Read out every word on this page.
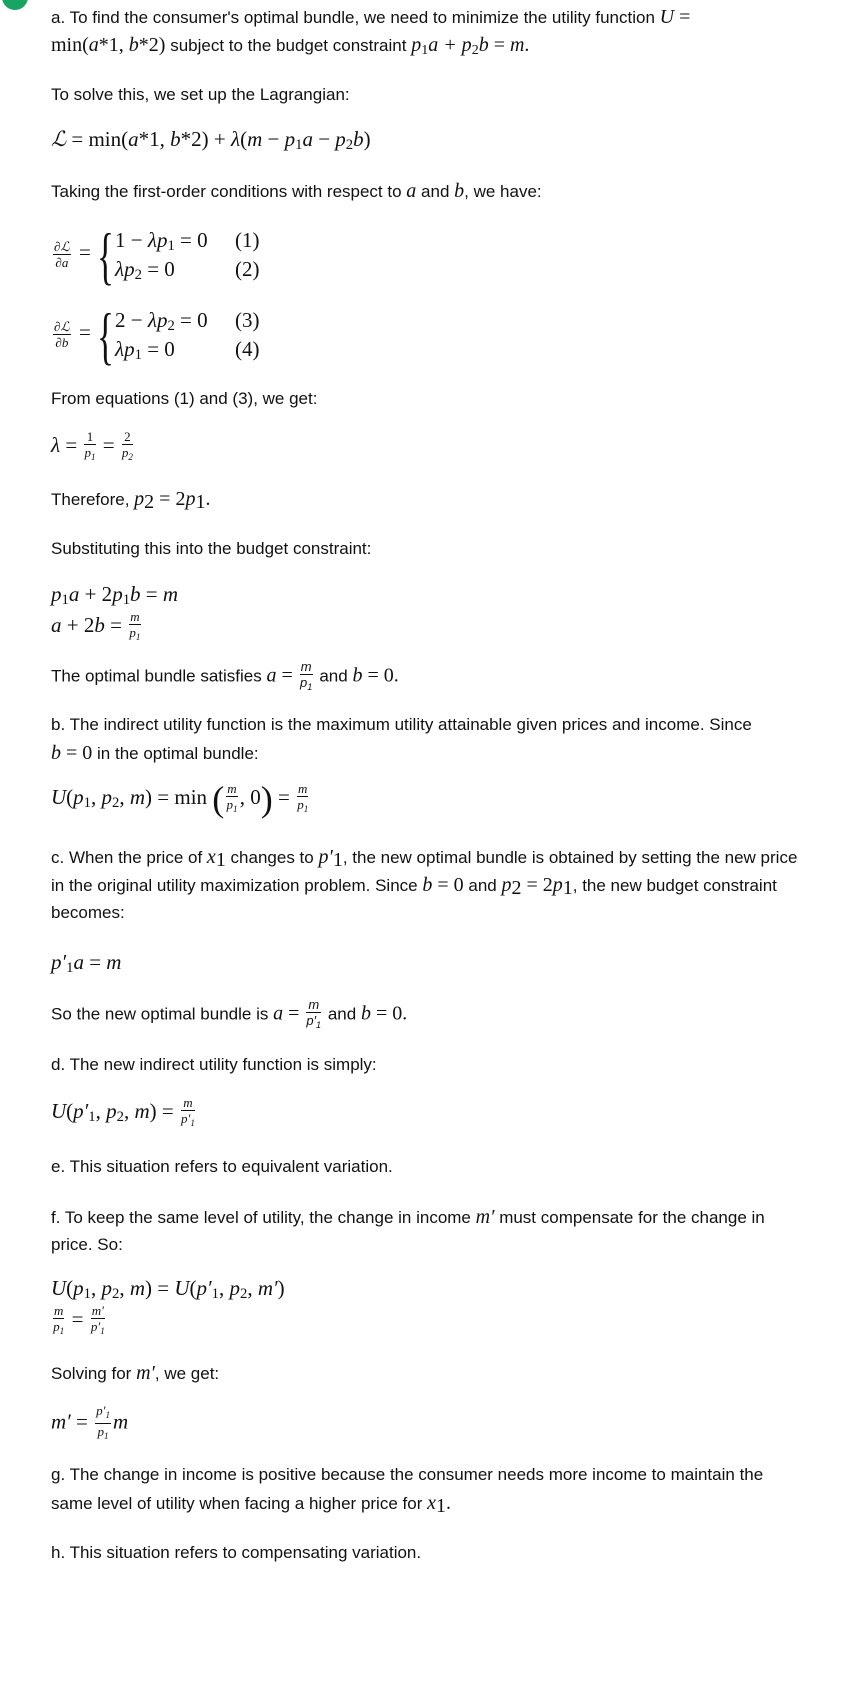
a. To find the consumer's optimal bundle, we need to minimize the utility function U =
min(a*1, b*2) subject to the budget constraint $p_1a + p_2b = m$.
To solve this, we set up the Lagrangian:
ℒ = min(a*1, $b*2) + \lambda(m - p_1a - p_2b)$
Taking the first-order conditions with respect to a and b, we have:
∂ℒ
∂a = { $1 - \lambda p_1 = 0$ (1)
$\lambda p_2 = 0$	(2)
∂ℒ
∂b = { $2 - \lambda p_2 = 0$ (3)
$\lambda p_1 = 0$	(4)
From equations (1) and (3), we get:
$\lambda = \frac{1}{p_1} = \frac{2}{p_2}$
Therefore, $p_2 = 2p_1$.
Substituting this into the budget constraint:
$p_1a + 2p_1b = m$
$a + 2b = \frac{m}{p_1}$
The optimal bundle satisfies $a = \frac{m}{p_1}$ and b = 0.
b. The indirect utility function is the maximum utility attainable given prices and income. Since
b = 0 in the optimal bundle:
$U(p_1$, $p_2$, m) = min ( $\frac{m}{p_1}$ , $0) = \frac{m}{p_1}$
c. When the price of $x_1$ changes to $p'_1$, the new optimal bundle is obtained by setting the new price
in the original utility maximization problem. Since b = 0 and $p_2 = 2p_1$, the new budget constraint
becomes:
$p'_1a = m$
So the new optimal bundle is $a = \frac{m}{p'_1}$ and b = 0.
d. The new indirect utility function is simply:
$U(p'_1$, $p_2$, $m) = \frac{m}{p'_1}$
e. This situation refers to equivalent variation.
f. To keep the same level of utility, the change in income m′ must compensate for the change in
price. So:
$U(p_1$, $p_2$, $m) = U(p'_1$, $p_2$, m′)
$\frac{m}{p_1} = \frac{m'}{p'_1}$
Solving for m′, we get:
$m' = \frac{p'_1}{p_1}$ m
g. The change in income is positive because the consumer needs more income to maintain the
same level of utility when facing a higher price for $x_1$.
h. This situation refers to compensating variation.
